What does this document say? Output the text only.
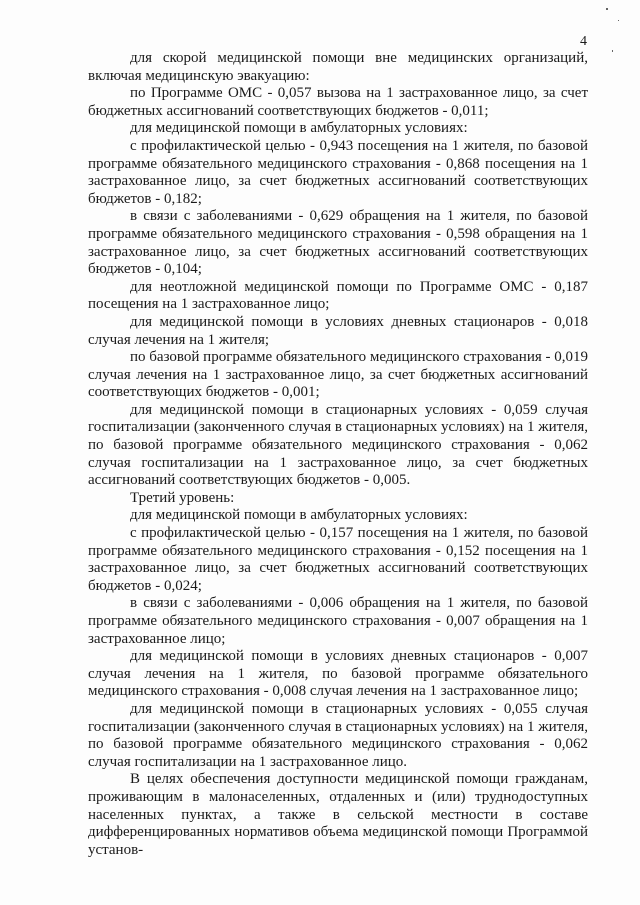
4

для скорой медицинской помощи вне медицинских организаций, включая медицинскую эвакуацию:

по Программе ОМС - 0,057 вызова на 1 застрахованное лицо, за счет бюджетных ассигнований соответствующих бюджетов - 0,011;

для медицинской помощи в амбулаторных условиях:

с профилактической целью - 0,943 посещения на 1 жителя, по базовой программе обязательного медицинского страхования - 0,868 посещения на 1 застрахованное лицо, за счет бюджетных ассигнований соответствующих бюджетов - 0,182;

в связи с заболеваниями - 0,629 обращения на 1 жителя, по базовой программе обязательного медицинского страхования - 0,598 обращения на 1 застрахованное лицо, за счет бюджетных ассигнований соответствующих бюджетов - 0,104;

для неотложной медицинской помощи по Программе ОМС - 0,187 посещения на 1 застрахованное лицо;

для медицинской помощи в условиях дневных стационаров - 0,018 случая лечения на 1 жителя;

по базовой программе обязательного медицинского страхования - 0,019 случая лечения на 1 застрахованное лицо, за счет бюджетных ассигнований соответствующих бюджетов - 0,001;

для медицинской помощи в стационарных условиях - 0,059 случая госпитализации (законченного случая в стационарных условиях) на 1 жителя, по базовой программе обязательного медицинского страхования - 0,062 случая госпитализации на 1 застрахованное лицо, за счет бюджетных ассигнований соответствующих бюджетов - 0,005.

Третий уровень:

для медицинской помощи в амбулаторных условиях:

с профилактической целью - 0,157 посещения на 1 жителя, по базовой программе обязательного медицинского страхования - 0,152 посещения на 1 застрахованное лицо, за счет бюджетных ассигнований соответствующих бюджетов - 0,024;

в связи с заболеваниями - 0,006 обращения на 1 жителя, по базовой программе обязательного медицинского страхования - 0,007 обращения на 1 застрахованное лицо;

для медицинской помощи в условиях дневных стационаров - 0,007 случая лечения на 1 жителя, по базовой программе обязательного медицинского страхования - 0,008 случая лечения на 1 застрахованное лицо;

для медицинской помощи в стационарных условиях - 0,055 случая госпитализации (законченного случая в стационарных условиях) на 1 жителя, по базовой программе обязательного медицинского страхования - 0,062 случая госпитализации на 1 застрахованное лицо.

В целях обеспечения доступности медицинской помощи гражданам, проживающим в малонаселенных, отдаленных и (или) труднодоступных населенных пунктах, а также в сельской местности в составе дифференцированных нормативов объема медицинской помощи Программой установ-
